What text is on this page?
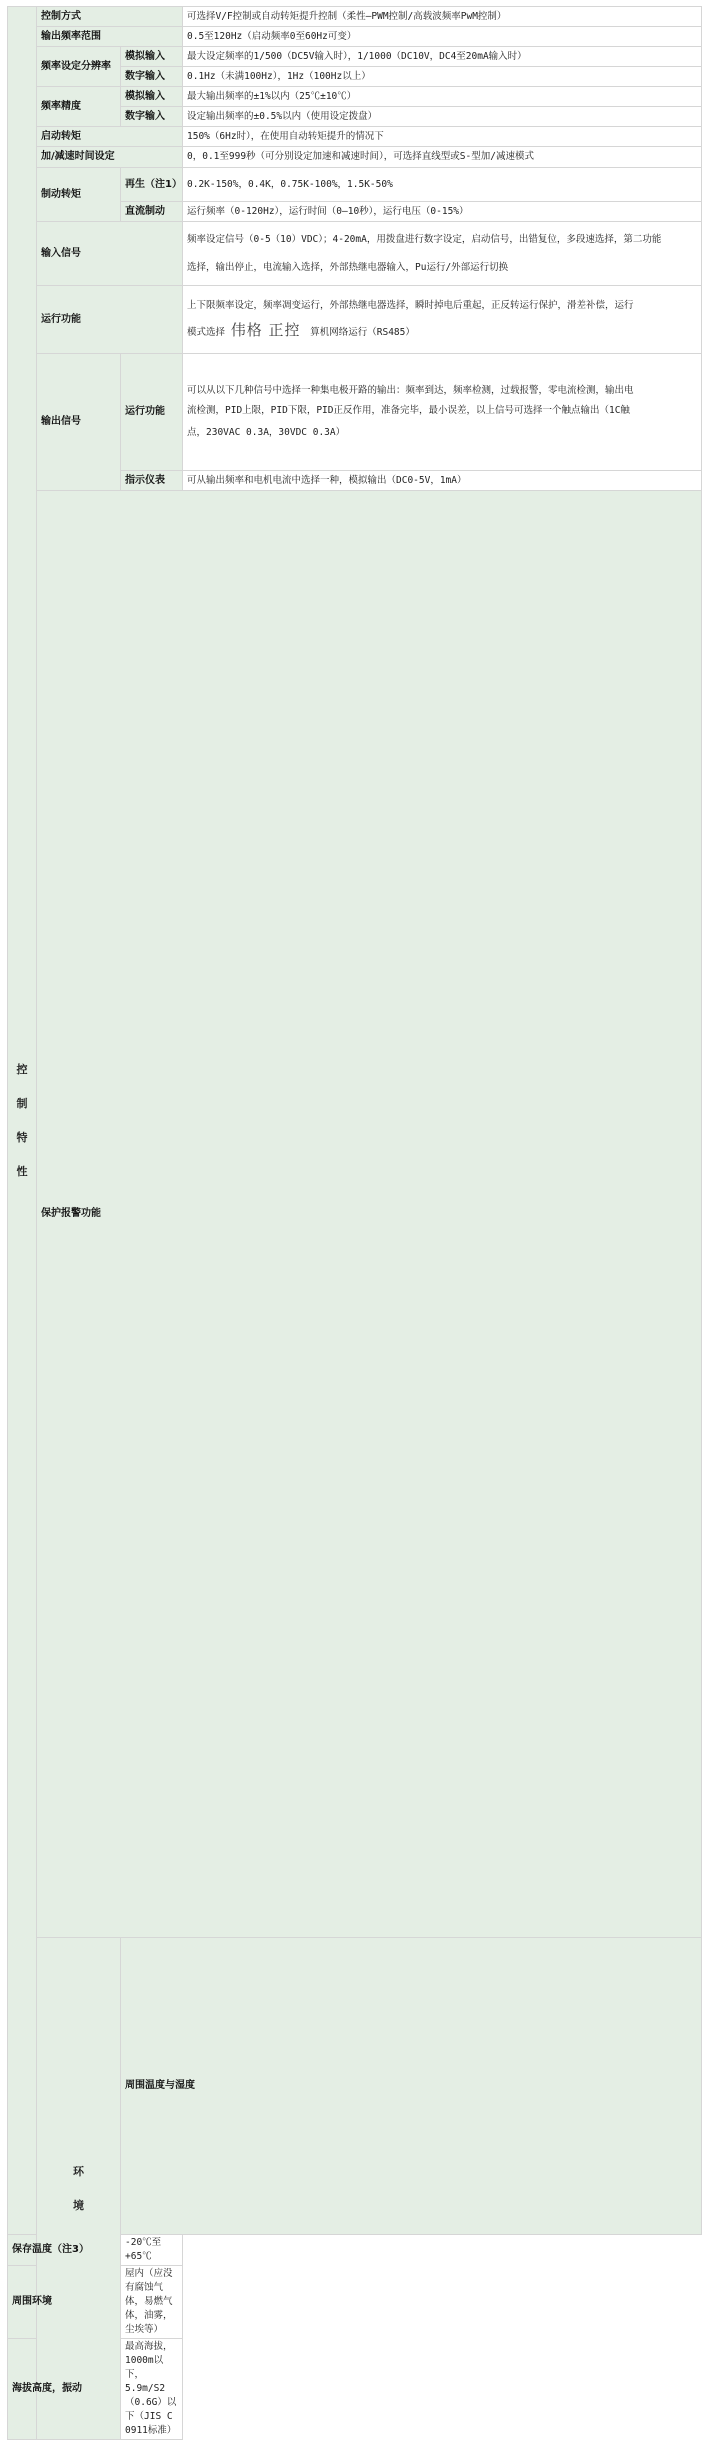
控
制
特
性	控制方式		可选择V/F控制或自动转矩提升控制（柔性—PWM控制/高载波频率PwM控制）	
	输出频率范围		0.5至120Hz（启动频率0至60Hz可变）	
	频率设定分辨率	模拟输入	最大设定频率的1/500（DC5V输入时），1/1000（DC10V，DC4至20mA输入时）	
		数字输入	0.1Hz（未满100Hz），1Hz（100Hz以上）	
	频率精度	模拟输入	最大输出频率的±1%以内（25℃±10℃）	
		数字输入	设定输出频率的±0.5%以内（使用设定拨盘）	
	启动转矩		150%（6Hz时），在使用自动转矩提升的情况下	
	加/减速时间设定		0，0.1至999秒（可分别设定加速和减速时间），可选择直线型或S-型加/减速模式	
	制动转矩	再生（注1）	0.2K-150%，0.4K，0.75K-100%，1.5K-50%	
		直流制动	运行频率（0-120Hz），运行时间（0—10秒），运行电压（0-15%）	
	输入信号		频率设定信号（0-5（10）VDC）；4-20mA，用拨盘进行数字设定，启动信号，出错复位，多段速选择，第二功能
选择，输出停止，电流输入选择，外部热继电器输入，Pu运行/外部运行切换	

	运行功能		上下限频率设定，频率凋变运行，外部热继电器选择，瞬时掉电后重起，正反转运行保护，滑差补偿，运行
模式选择 伟格 正控 算机网络运行（RS485）	

	输出信号	运行功能	可以从以下几种信号中选择一种集电极开路的输出：频率到达，频率检测，过载报警，零电流检测，输出电
流检测，PID上限，PID下限，PID正反作用，准备完毕，最小误差，以上信号可选择一个触点输出（1C触
点，230VAC 0.3A，30VDC 0.3A）	

		指示仪表	可从输出频率和电机电流中选择一种，模拟输出（DC0-5V，1mA）	
	保护报警功能	

	环
境	周围温度与湿度	
保存温度（注3）		-20℃至+65℃		
周围环境		屋内（应没有腐蚀气体，易燃气体，油雾，尘埃等）		
海拔高度，振动		最高海拔，1000m以下，5.9m/S2（0.6G）以下（JIS C 0911标准）		
